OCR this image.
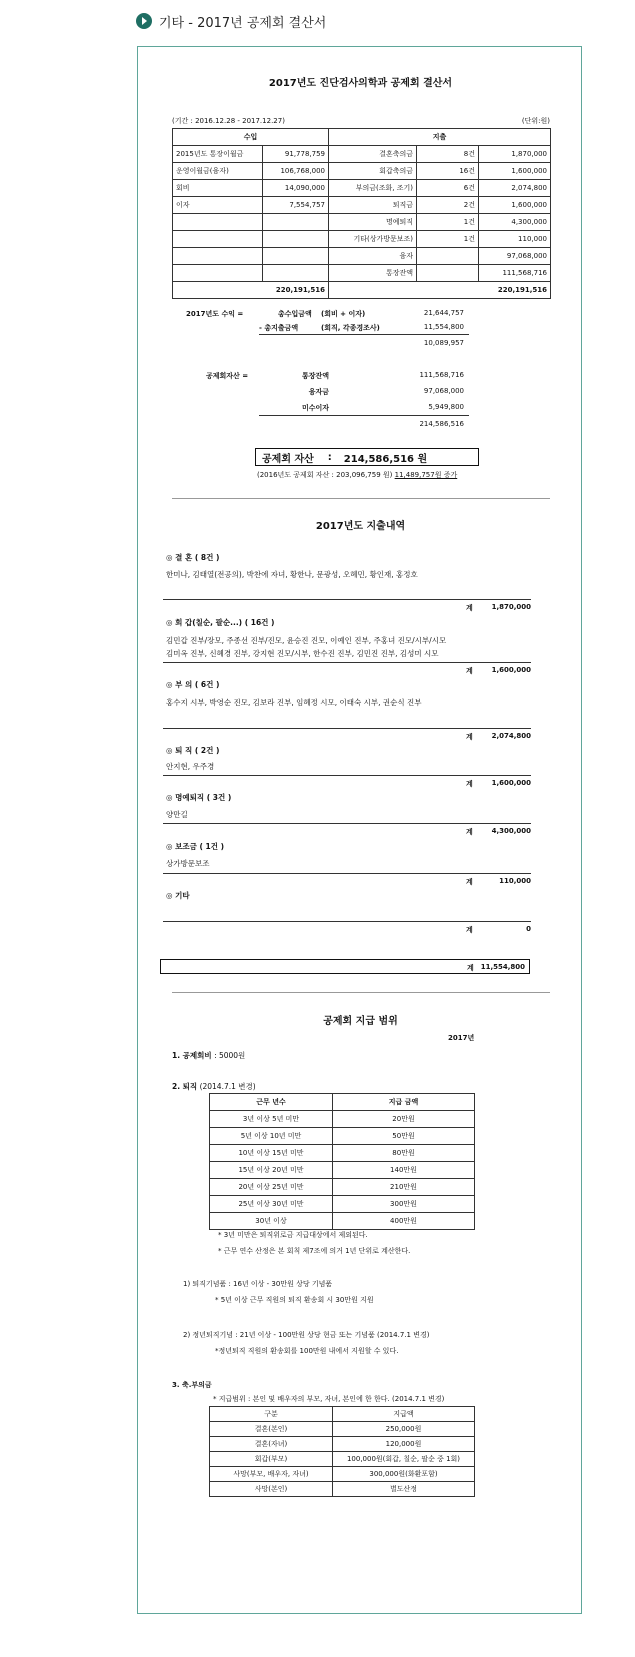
기타 - 2017년 공제회 결산서
2017년도 진단검사의학과 공제회 결산서
(기간 : 2016.12.28 - 2017.12.27)	(단위:원)
수입		지출		
2015년도 통장이월금	91,778,759	결혼축의금	8건	1,870,000
운영이월금(융자)	106,768,000	회갑축의금	16건	1,600,000
회비	14,090,000	부의금(조화, 조기)	6건	2,074,800
이자	7,554,757	퇴직금	2건	1,600,000
		명예퇴직	1건	4,300,000
		기타(상가방문보조)	1건	110,000
		융자		97,068,000
		통장잔액		111,568,716
220,191,516		220,191,516		
2017년도 수익 =	총수입금액 (회비 + 이자)	21,644,757
- 총지출금액	(회직, 각종경조사)	11,554,800
10,089,957
공제회자산 =	통장잔액	111,568,716
융자금	97,068,000
미수이자	5,949,800
214,586,516
공제회 자산 : 214,586,516 원
(2016년도 공제회 자산 : 203,096,759 원) 11,489,757원 증가
2017년도 지출내역
◎ 결 혼 ( 8건 )
한미나, 김태열(전공의), 박찬에 자녀, 황한나, 문광성, 오혜민, 황인재, 홍정호
계	1,870,000
◎ 회 갑(칠순, 팔순...) ( 16건 )
김민갑 진부/장모, 주종선 진부/진모, 윤승진 진모, 이예인 진부, 주홍녀 진모/시부/시모
김미옥 진부, 신혜경 진부, 강지현 진모/시부, 한수진 진부, 김민진 진부, 김성미 시모
계	1,600,000
◎ 부 의 ( 6건 )
홍수지 시부, 박영순 진모, 김보라 진부, 임혜정 시모, 이태숙 시부, 권순식 진부
계	2,074,800
◎ 퇴 직 ( 2건 )
안지현, 우주경
계	1,600,000
◎ 명예퇴직 ( 3건 )
양만길
계	4,300,000
◎ 보조금 ( 1건 )
상가방문보조
계	110,000
◎ 기타
계	0
계 11,554,800
공제회 지급 범위
2017년
1. 공제회비 : 5000원
2. 퇴직 (2014.7.1 변경)
근무 년수	지급 금액
3년 이상 5년 미만	20만원
5년 이상 10년 미만	50만원
10년 이상 15년 미만	80만원
15년 이상 20년 미만	140만원
20년 이상 25년 미만	210만원
25년 이상 30년 미만	300만원
30년 이상	400만원
* 3년 미만은 퇴직위로금 지급대상에서 제외된다.
* 근무 연수 산정은 본 회칙 제7조에 의거 1년 단위로 계산한다.
1) 퇴직기념품 : 16년 이상 - 30만원 상당 기념품
* 5년 이상 근무 직원의 퇴직 환송회 시 30만원 지원
2) 정년퇴직기념 : 21년 이상 - 100만원 상당 현금 또는 기념품 (2014.7.1 변경)
*정년퇴직 직원의 환송회를 100만원 내에서 지원할 수 있다.
3. 축.부의금
* 지급범위 : 본인 및 배우자의 부모, 자녀, 본인에 한 한다. (2014.7.1 변경)
구분	지급액
결혼(본인)	250,000원
결혼(자녀)	120,000원
회갑(부모)	100,000원(회갑, 칠순, 팔순 중 1회)
사망(부모, 배우자, 자녀)	300,000원(화환포함)
사망(본인)	별도산정
